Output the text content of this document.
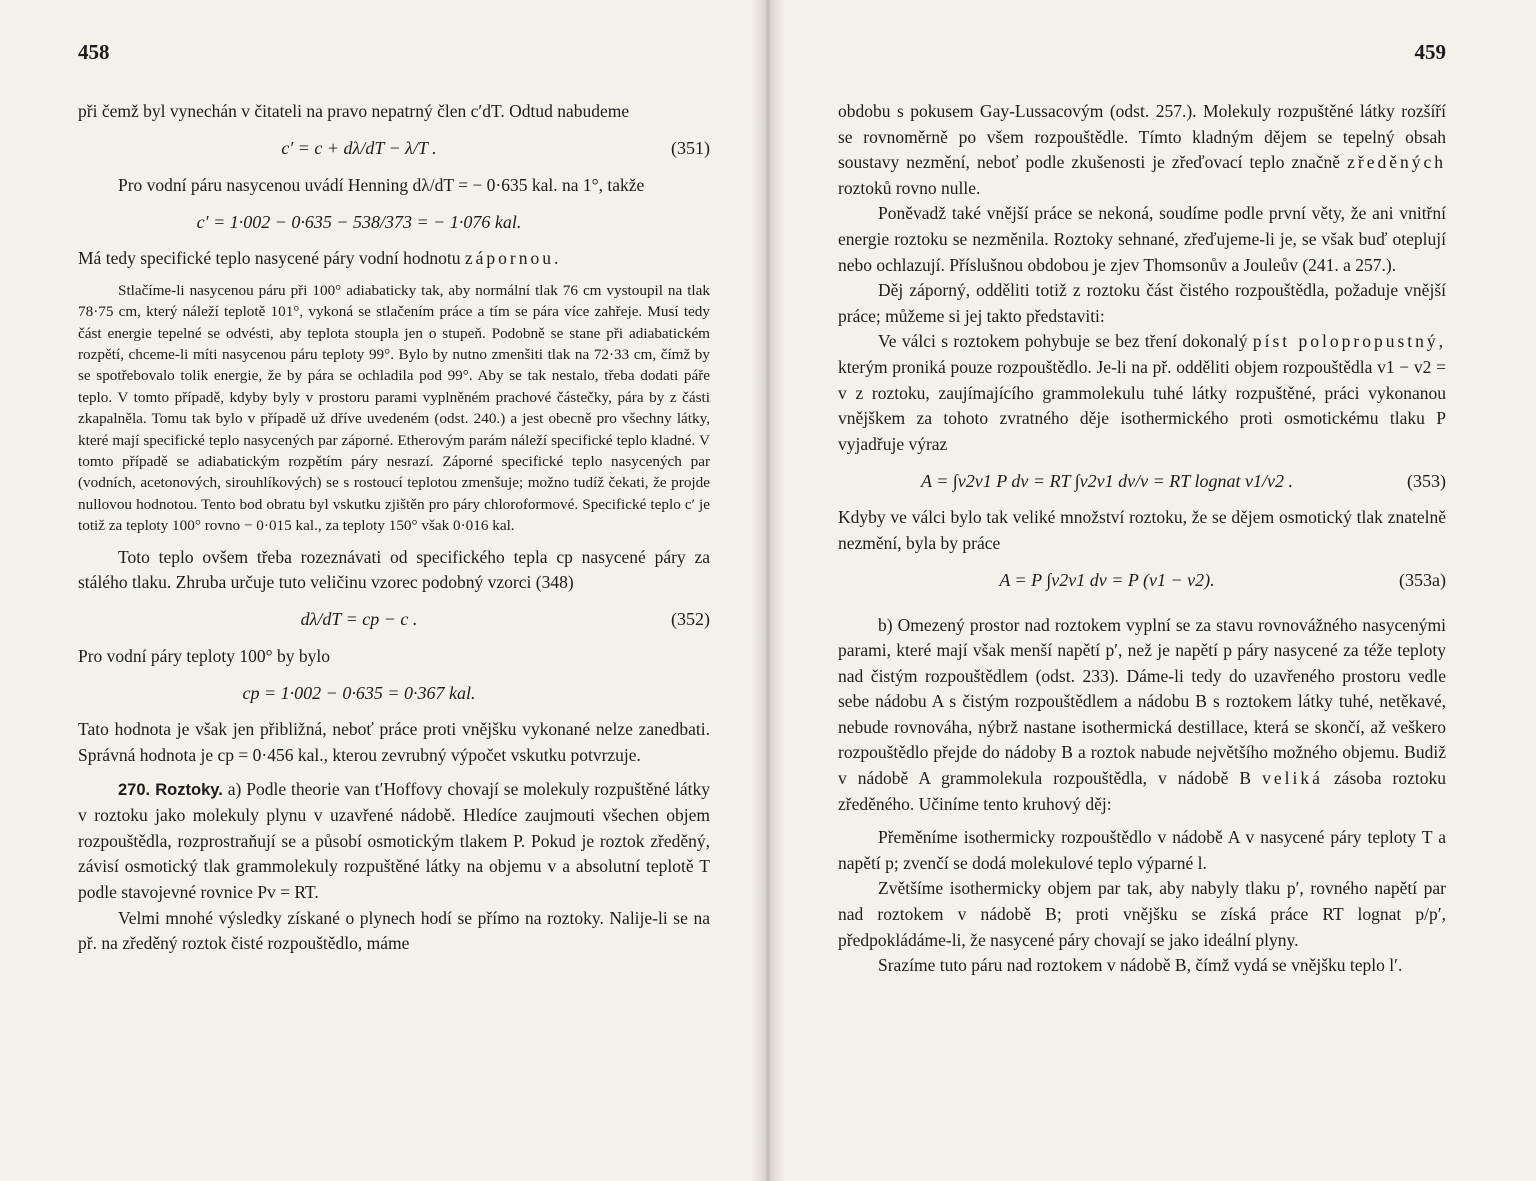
458

při čemž byl vynechán v čitateli na pravo nepatrný člen c′dT. Odtud nabudeme

c′ = c + dλ/dT − λ/T .	(351)

Pro vodní páru nasycenou uvádí Henning dλ/dT = − 0·635 kal. na 1°, takže

c′ = 1·002 − 0·635 − 538/373 = − 1·076 kal.

Má tedy specifické teplo nasycené páry vodní hodnotu zápornou.

Stlačíme-li nasycenou páru při 100° adiabaticky tak, aby normální tlak 76 cm vystoupil na tlak 78·75 cm, který náleží teplotě 101°, vykoná se stlačením práce a tím se pára více zahřeje. Musí tedy část energie tepelné se odvésti, aby teplota stoupla jen o stupeň. Podobně se stane při adiabatickém rozpětí, chceme-li míti nasycenou páru teploty 99°. Bylo by nutno zmenšiti tlak na 72·33 cm, čímž by se spotřebovalo tolik energie, že by pára se ochladila pod 99°. Aby se tak nestalo, třeba dodati páře teplo. V tomto případě, kdyby byly v prostoru parami vyplněném prachové částečky, pára by z části zkapalněla. Tomu tak bylo v případě už dříve uvedeném (odst. 240.) a jest obecně pro všechny látky, které mají specifické teplo nasycených par záporné. Etherovým parám náleží specifické teplo kladné. V tomto případě se adiabatickým rozpětím páry nesrazí. Záporné specifické teplo nasycených par (vodních, acetonových, sirouhlíkových) se s rostoucí teplotou zmenšuje; možno tudíž čekati, že projde nullovou hodnotou. Tento bod obratu byl vskutku zjištěn pro páry chloroformové. Specifické teplo c′ je totiž za teploty 100° rovno − 0·015 kal., za teploty 150° však 0·016 kal.

Toto teplo ovšem třeba rozeznávati od specifického tepla cp nasycené páry za stálého tlaku. Zhruba určuje tuto veličinu vzorec podobný vzorci (348)

dλ/dT = cp − c .	(352)

Pro vodní páry teploty 100° by bylo

cp = 1·002 − 0·635 = 0·367 kal.

Tato hodnota je však jen přibližná, neboť práce proti vnějšku vykonané nelze zanedbati. Správná hodnota je cp = 0·456 kal., kterou zevrubný výpočet vskutku potvrzuje.

270. Roztoky. a) Podle theorie van t′Hoffovy chovají se molekuly rozpuštěné látky v roztoku jako molekuly plynu v uzavřené nádobě. Hledíce zaujmouti všechen objem rozpouštědla, rozprostraňují se a působí osmotickým tlakem P. Pokud je roztok zředěný, závisí osmotický tlak grammolekuly rozpuštěné látky na objemu v a absolutní teplotě T podle stavojevné rovnice Pv = RT.

Velmi mnohé výsledky získané o plynech hodí se přímo na roztoky. Nalije-li se na př. na zředěný roztok čisté rozpouštědlo, máme

459

obdobu s pokusem Gay-Lussacovým (odst. 257.). Molekuly rozpuštěné látky rozšíří se rovnoměrně po všem rozpouštědle. Tímto kladným dějem se tepelný obsah soustavy nezmění, neboť podle zkušenosti je zřeďovací teplo značně zředěných roztoků rovno nulle.

Poněvadž také vnější práce se nekoná, soudíme podle první věty, že ani vnitřní energie roztoku se nezměnila. Roztoky sehnané, zřeďujeme-li je, se však buď oteplují nebo ochlazují. Příslušnou obdobou je zjev Thomsonův a Jouleův (241. a 257.).

Děj záporný, odděliti totiž z roztoku část čistého rozpouštědla, požaduje vnější práce; můžeme si jej takto představiti:

Ve válci s roztokem pohybuje se bez tření dokonalý píst polopropustný, kterým proniká pouze rozpouštědlo. Je-li na př. odděliti objem rozpouštědla v1 − v2 = v z roztoku, zaujímajícího grammolekulu tuhé látky rozpuštěné, práci vykonanou vnějškem za tohoto zvratného děje isothermického proti osmotickému tlaku P vyjadřuje výraz

A = ∫v2v1 P dv = RT ∫v2v1 dv/v = RT lognat v1/v2 .	(353)

Kdyby ve válci bylo tak veliké množství roztoku, že se dějem osmotický tlak znatelně nezmění, byla by práce

A = P ∫v2v1 dv = P (v1 − v2).	(353a)

b) Omezený prostor nad roztokem vyplní se za stavu rovnovážného nasycenými parami, které mají však menší napětí p′, než je napětí p páry nasycené za téže teploty nad čistým rozpouštědlem (odst. 233). Dáme-li tedy do uzavřeného prostoru vedle sebe nádobu A s čistým rozpouštědlem a nádobu B s roztokem látky tuhé, netěkavé, nebude rovnováha, nýbrž nastane isothermická destillace, která se skončí, až veškero rozpouštědlo přejde do nádoby B a roztok nabude největšího možného objemu. Budiž v nádobě A grammolekula rozpouštědla, v nádobě B veliká zásoba roztoku zředěného. Učiníme tento kruhový děj:

Přeměníme isothermicky rozpouštědlo v nádobě A v nasycené páry teploty T a napětí p; zvenčí se dodá molekulové teplo výparné l.

Zvětšíme isothermicky objem par tak, aby nabyly tlaku p′, rovného napětí par nad roztokem v nádobě B; proti vnějšku se získá práce RT lognat p/p′, předpokládáme-li, že nasycené páry chovají se jako ideální plyny.

Srazíme tuto páru nad roztokem v nádobě B, čímž vydá se vnějšku teplo l′.
